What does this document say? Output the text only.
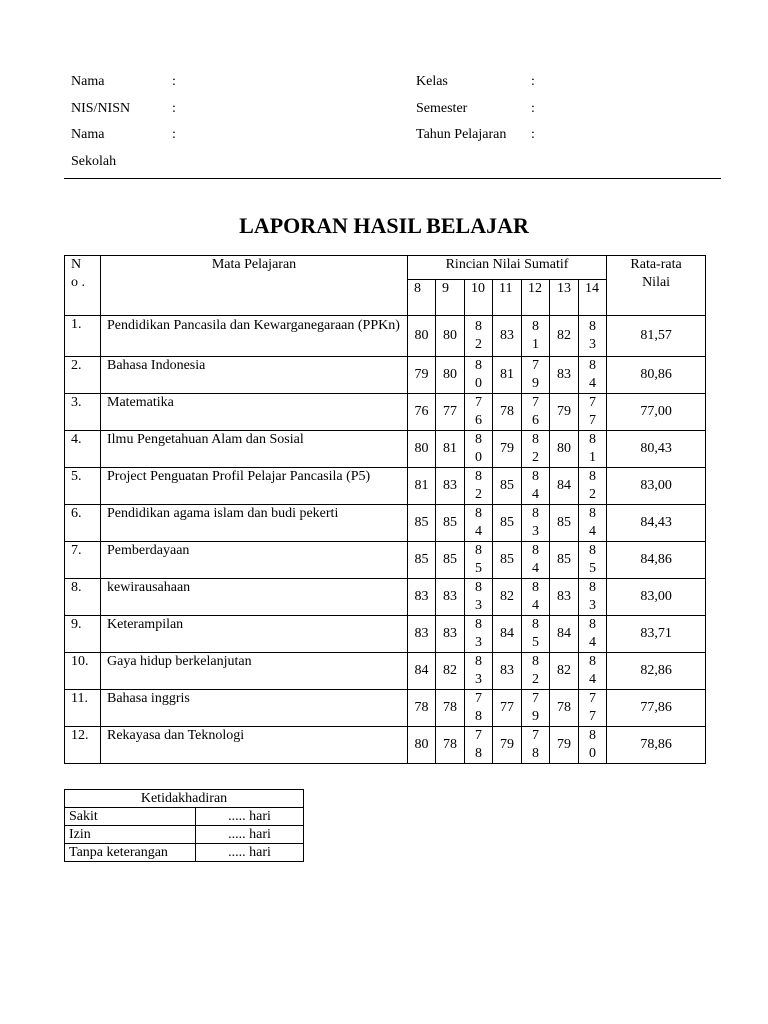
Nama	:
NIS/NISN	:
Nama	:
Sekolah
Kelas	:
Semester	:
Tahun Pelajaran :
LAPORAN HASIL BELAJAR
No .	Mata Pelajaran	Rincian Nilai Sumatif							Rata-rata Nilai
		8	9	10	11	12	13	14	
1.	Pendidikan Pancasila dan Kewarganegaraan (PPKn)	80	80	82	83	81	82	83	81,57
2.	Bahasa Indonesia	79	80	80	81	79	83	84	80,86
3.	Matematika	76	77	76	78	76	79	77	77,00
4.	Ilmu Pengetahuan Alam dan Sosial	80	81	80	79	82	80	81	80,43
5.	Project Penguatan Profil Pelajar Pancasila (P5)	81	83	82	85	84	84	82	83,00
6.	Pendidikan agama islam dan budi pekerti	85	85	84	85	83	85	84	84,43
7.	Pemberdayaan	85	85	85	85	84	85	85	84,86
8.	kewirausahaan	83	83	83	82	84	83	83	83,00
9.	Keterampilan	83	83	83	84	85	84	84	83,71
10.	Gaya hidup berkelanjutan	84	82	83	83	82	82	84	82,86
11.	Bahasa inggris	78	78	78	77	79	78	77	77,86
12.	Rekayasa dan Teknologi	80	78	78	79	78	79	80	78,86
Ketidakhadiran	
Sakit	..... hari
Izin	..... hari
Tanpa keterangan	..... hari
